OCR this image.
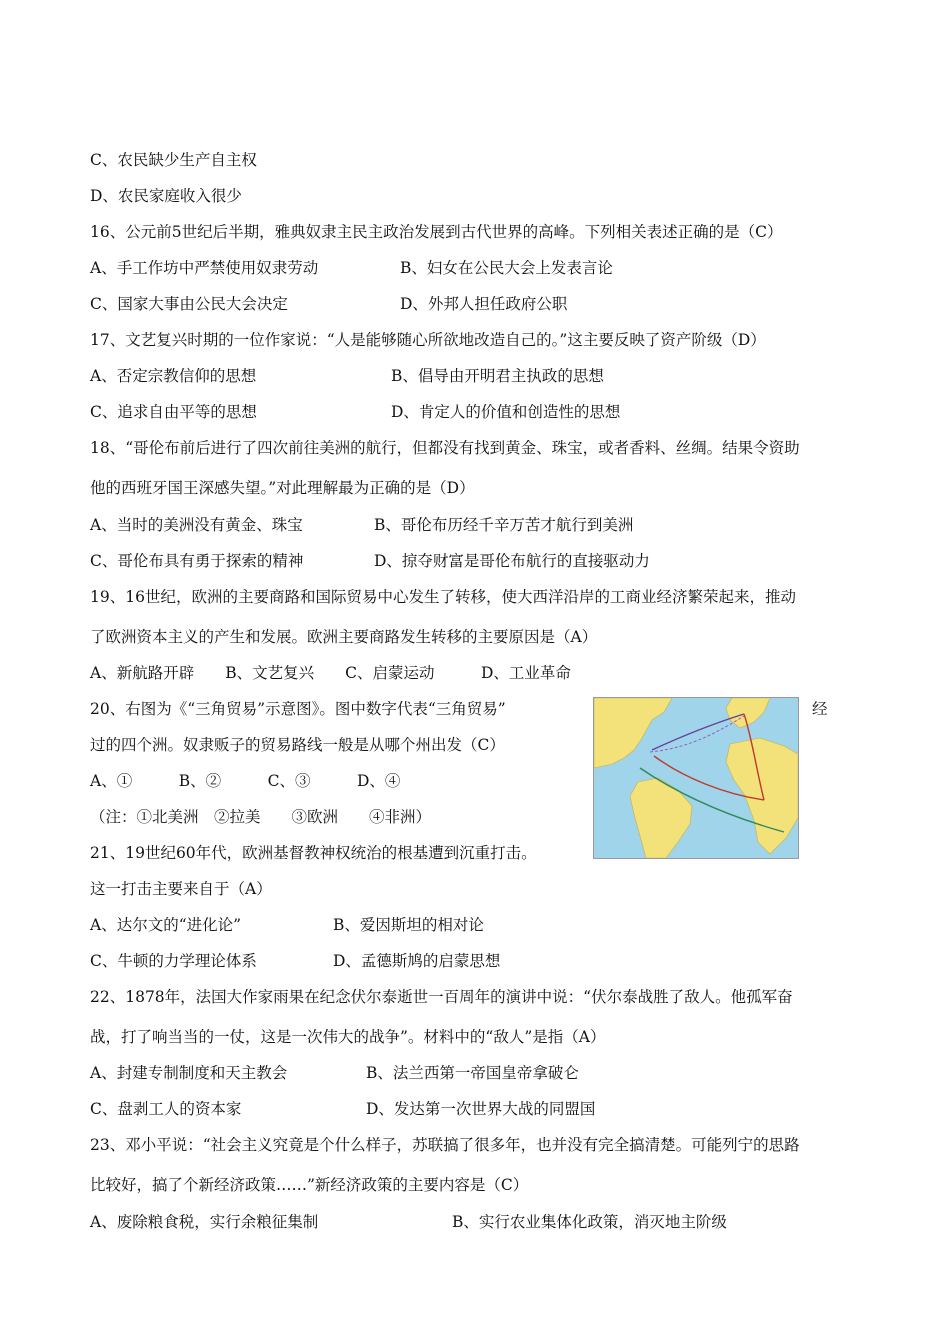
C、农民缺少生产自主权
D、农民家庭收入很少
16、公元前5世纪后半期，雅典奴隶主民主政治发展到古代世界的高峰。下列相关表述正确的是（C）
A、手工作坊中严禁使用奴隶劳动	B、妇女在公民大会上发表言论
C、国家大事由公民大会决定	D、外邦人担任政府公职
17、文艺复兴时期的一位作家说：“人是能够随心所欲地改造自己的。”这主要反映了资产阶级（D）
A、否定宗教信仰的思想	B、倡导由开明君主执政的思想
C、追求自由平等的思想	D、肯定人的价值和创造性的思想
18、“哥伦布前后进行了四次前往美洲的航行，但都没有找到黄金、珠宝，或者香料、丝绸。结果令资助
他的西班牙国王深感失望。”对此理解最为正确的是（D）
A、当时的美洲没有黄金、珠宝	B、哥伦布历经千辛万苦才航行到美洲
C、哥伦布具有勇于探索的精神	D、掠夺财富是哥伦布航行的直接驱动力
19、16世纪，欧洲的主要商路和国际贸易中心发生了转移，使大西洋沿岸的工商业经济繁荣起来，推动
了欧洲资本主义的产生和发展。欧洲主要商路发生转移的主要原因是（A）
A、新航路开辟　　B、文艺复兴　　C、启蒙运动　　　D、工业革命
20、右图为《“三角贸易”示意图》。图中数字代表“三角贸易”	经
过的四个洲。奴隶贩子的贸易路线一般是从哪个州出发（C）
A、①　　　B、②　　　C、③　　　D、④
（注：①北美洲　②拉美　　③欧洲　　④非洲）
21、19世纪60年代，欧洲基督教神权统治的根基遭到沉重打击。
这一打击主要来自于（A）
A、达尔文的“进化论”	B、爱因斯坦的相对论
C、牛顿的力学理论体系	D、孟德斯鸠的启蒙思想
22、1878年，法国大作家雨果在纪念伏尔泰逝世一百周年的演讲中说：“伏尔泰战胜了敌人。他孤军奋
战，打了响当当的一仗，这是一次伟大的战争”。材料中的“敌人”是指（A）
A、封建专制制度和天主教会	B、法兰西第一帝国皇帝拿破仑
C、盘剥工人的资本家	D、发达第一次世界大战的同盟国
23、邓小平说：“社会主义究竟是个什么样子，苏联搞了很多年，也并没有完全搞清楚。可能列宁的思路
比较好，搞了个新经济政策……”新经济政策的主要内容是（C）
A、废除粮食税，实行余粮征集制	B、实行农业集体化政策，消灭地主阶级
